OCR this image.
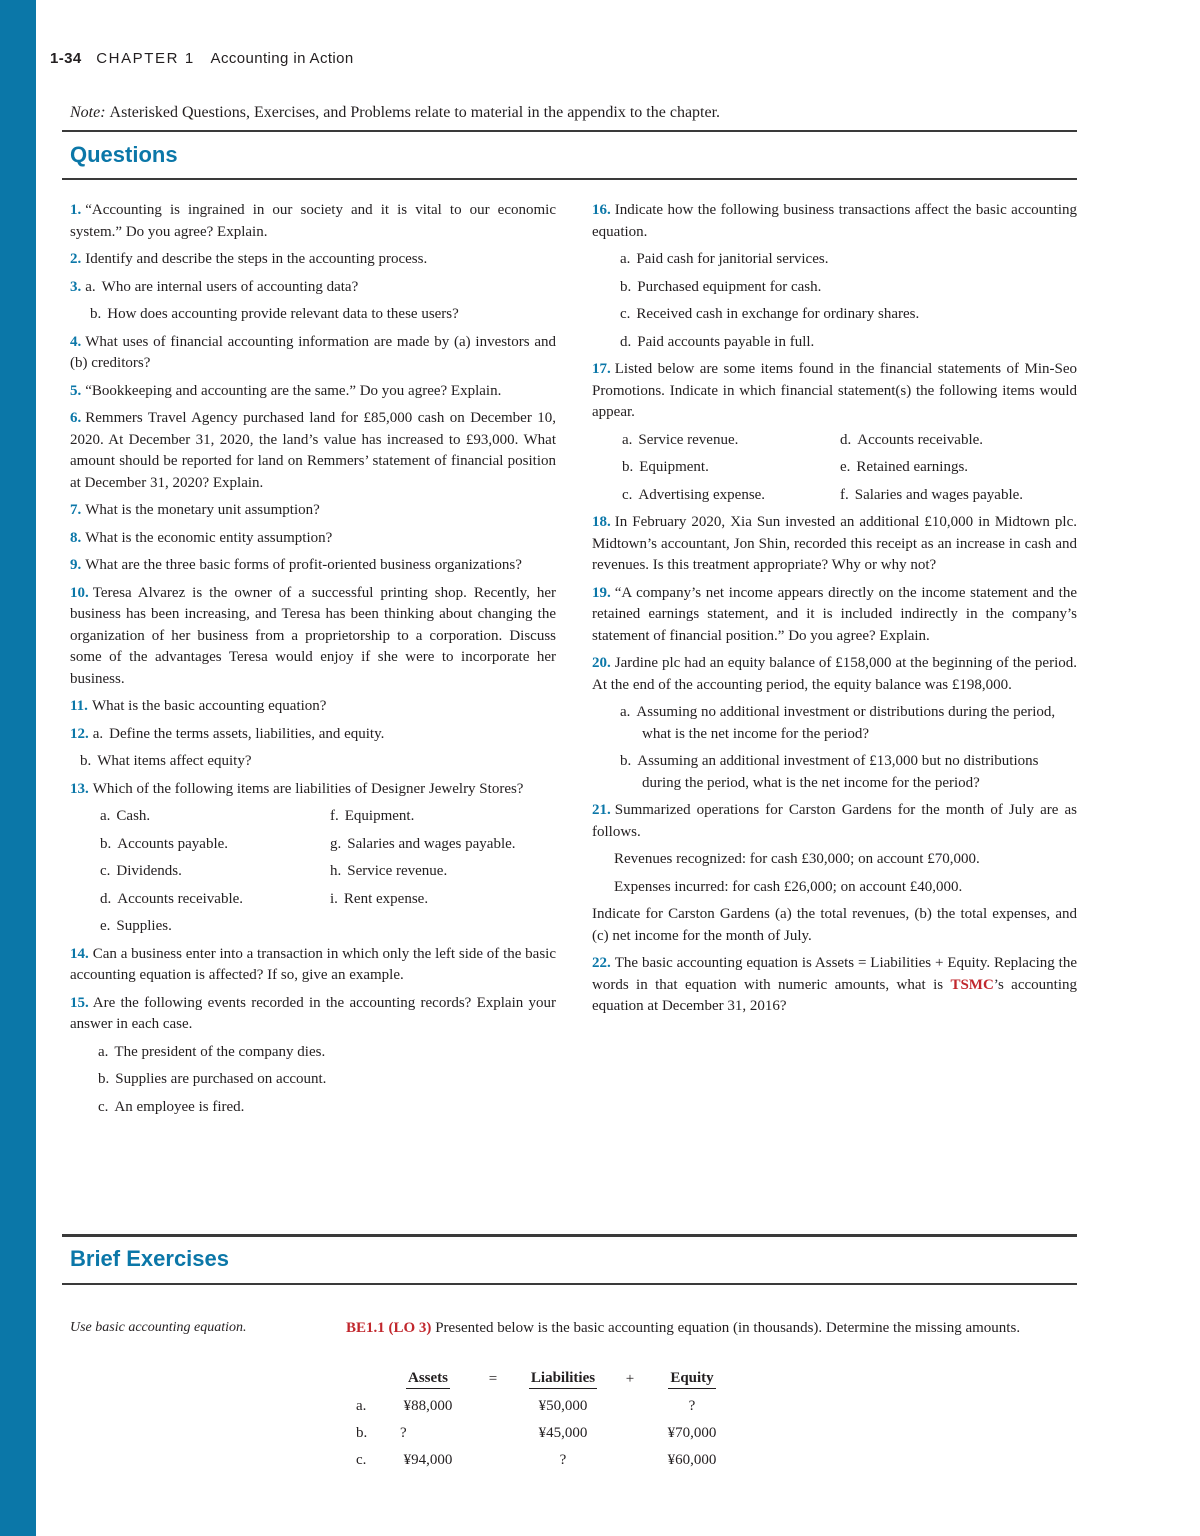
1-34 CHAPTER 1 Accounting in Action
Note: Asterisked Questions, Exercises, and Problems relate to material in the appendix to the chapter.
Questions

1. “Accounting is ingrained in our society and it is vital to our economic system.” Do you agree? Explain.

2. Identify and describe the steps in the accounting process.

3. a. Who are internal users of accounting data?

b. How does accounting provide relevant data to these users?

4. What uses of financial accounting information are made by (a) investors and (b) creditors?

5. “Bookkeeping and accounting are the same.” Do you agree? Explain.

6. Remmers Travel Agency purchased land for £85,000 cash on December 10, 2020. At December 31, 2020, the land’s value has increased to £93,000. What amount should be reported for land on Remmers’ statement of financial position at December 31, 2020? Explain.

7. What is the monetary unit assumption?

8. What is the economic entity assumption?

9. What are the three basic forms of profit-oriented business organizations?

10. Teresa Alvarez is the owner of a successful printing shop. Recently, her business has been increasing, and Teresa has been thinking about changing the organization of her business from a proprietorship to a corporation. Discuss some of the advantages Teresa would enjoy if she were to incorporate her business.

11. What is the basic accounting equation?

12. a. Define the terms assets, liabilities, and equity.

b. What items affect equity?

13. Which of the following items are liabilities of Designer Jewelry Stores?

a. Cash.	f. Equipment.
b. Accounts payable.	g. Salaries and wages payable.
c. Dividends.	h. Service revenue.
d. Accounts receivable.	i. Rent expense.
e. Supplies.

14. Can a business enter into a transaction in which only the left side of the basic accounting equation is affected? If so, give an example.

15. Are the following events recorded in the accounting records? Explain your answer in each case.

a. The president of the company dies.

b. Supplies are purchased on account.

c. An employee is fired.

16. Indicate how the following business transactions affect the basic accounting equation.

a. Paid cash for janitorial services.

b. Purchased equipment for cash.

c. Received cash in exchange for ordinary shares.

d. Paid accounts payable in full.

17. Listed below are some items found in the financial statements of Min-Seo Promotions. Indicate in which financial statement(s) the following items would appear.

a. Service revenue.	d. Accounts receivable.
b. Equipment.	e. Retained earnings.
c. Advertising expense.	f. Salaries and wages payable.

18. In February 2020, Xia Sun invested an additional £10,000 in Midtown plc. Midtown’s accountant, Jon Shin, recorded this receipt as an increase in cash and revenues. Is this treatment appropriate? Why or why not?

19. “A company’s net income appears directly on the income statement and the retained earnings statement, and it is included indirectly in the company’s statement of financial position.” Do you agree? Explain.

20. Jardine plc had an equity balance of £158,000 at the beginning of the period. At the end of the accounting period, the equity balance was £198,000.

a. Assuming no additional investment or distributions during the period, what is the net income for the period?

b. Assuming an additional investment of £13,000 but no distributions during the period, what is the net income for the period?

21. Summarized operations for Carston Gardens for the month of July are as follows.

Revenues recognized: for cash £30,000; on account £70,000.

Expenses incurred: for cash £26,000; on account £40,000.

Indicate for Carston Gardens (a) the total revenues, (b) the total expenses, and (c) net income for the month of July.

22. The basic accounting equation is Assets = Liabilities + Equity. Replacing the words in that equation with numeric amounts, what is TSMC’s accounting equation at December 31, 2016?

Brief Exercises
Use basic accounting equation.	BE1.1 (LO 3) Presented below is the basic accounting equation (in thousands). Determine the missing amounts.
	Assets	=	Liabilities	+	Equity
a.	¥88,000		¥50,000		?
b.	?		¥45,000		¥70,000
c.	¥94,000		?		¥60,000
